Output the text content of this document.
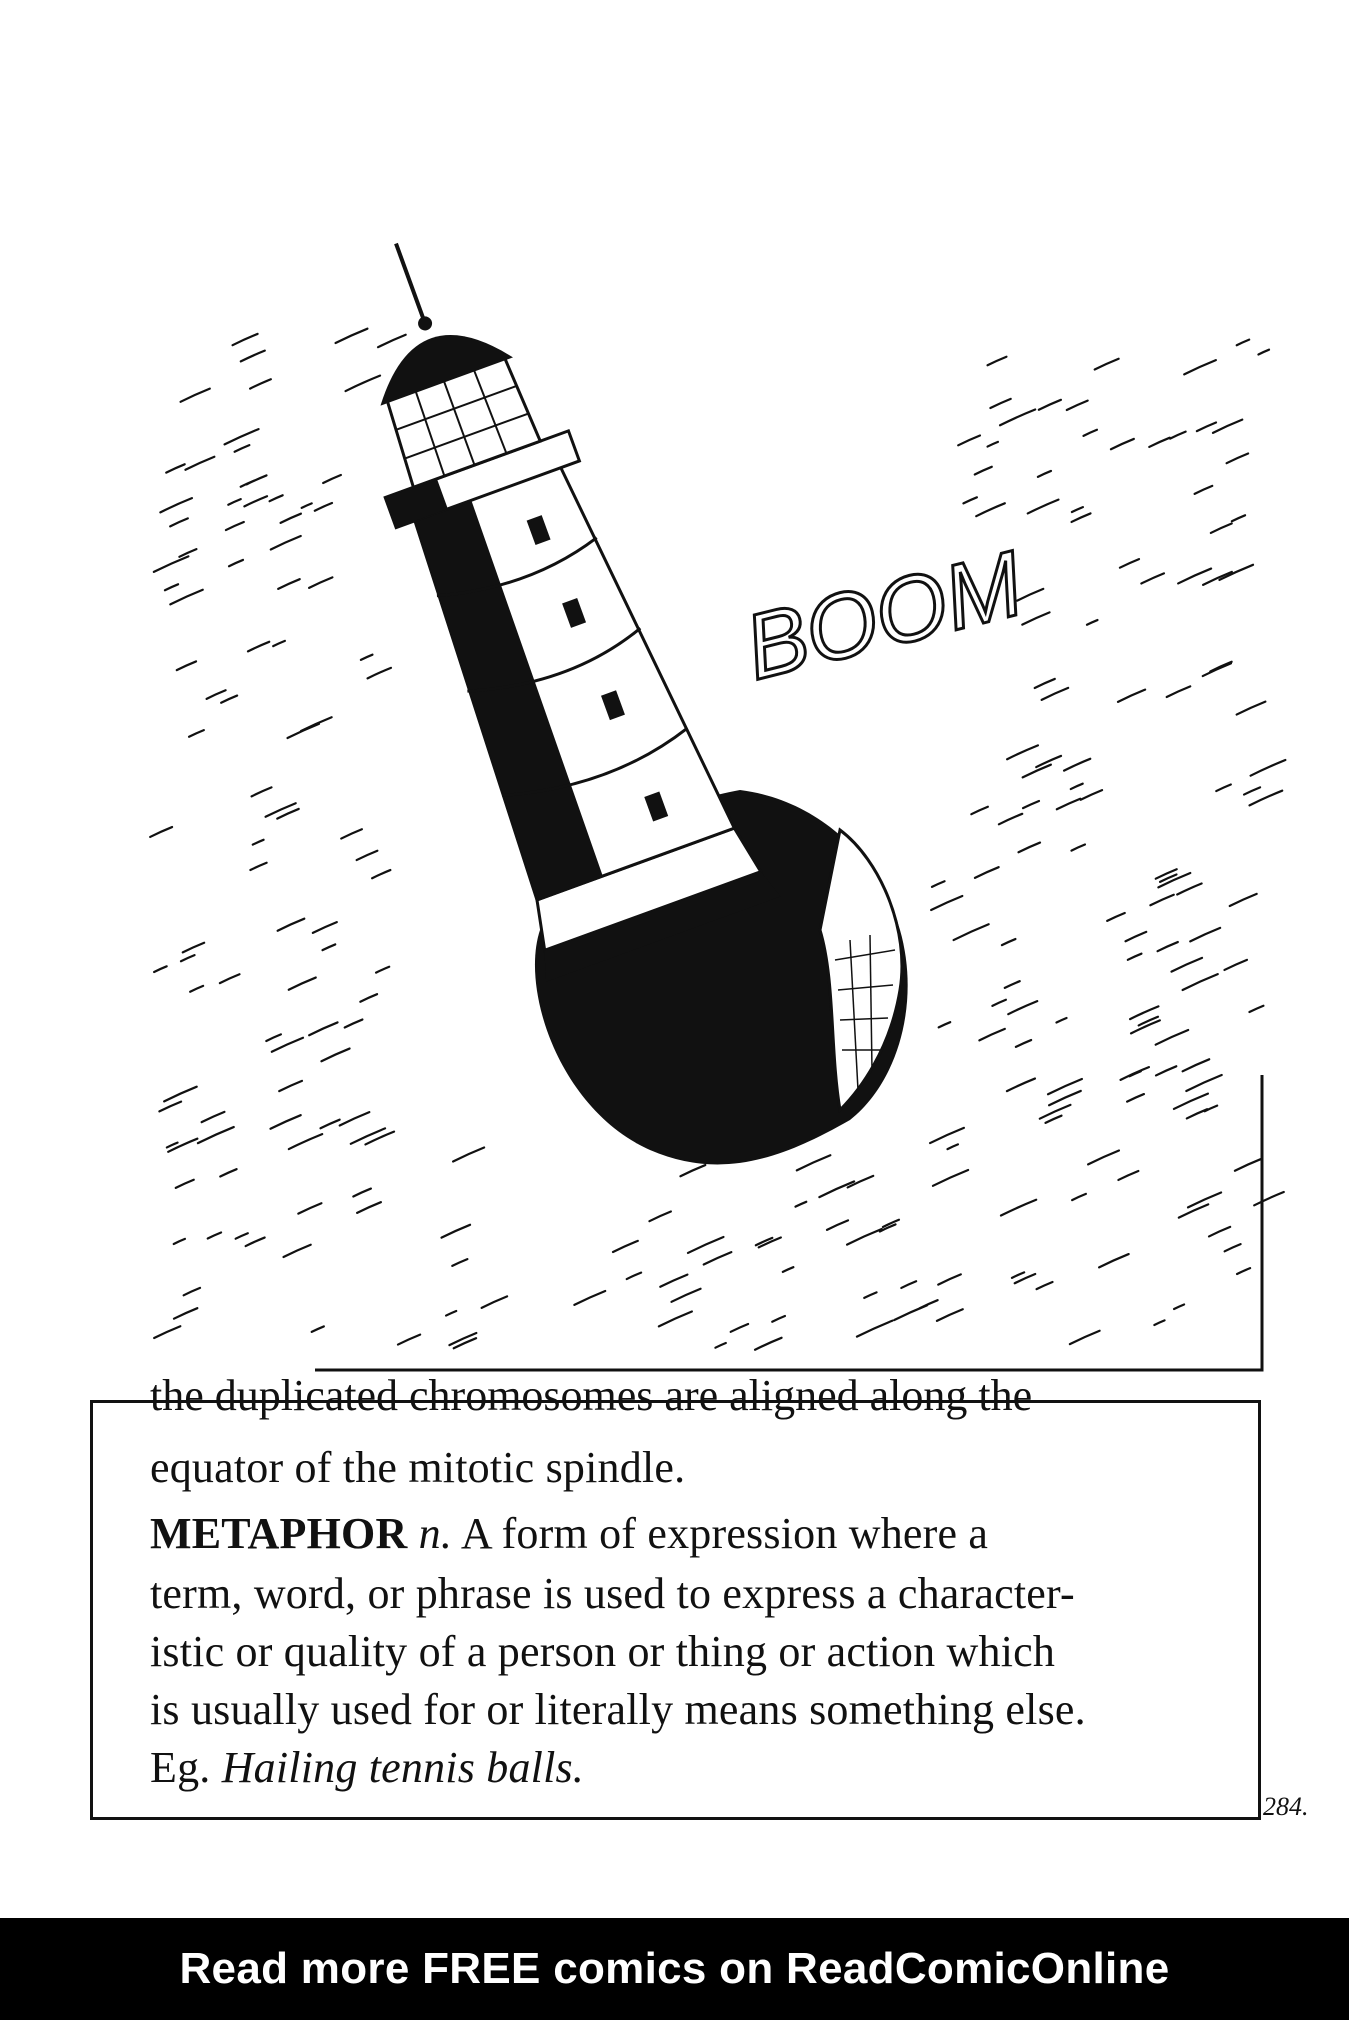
BOOM
the duplicated chromosomes are aligned along the
equator of the mitotic spindle.
METAPHOR n. A form of expression where a
term, word, or phrase is used to express a character-
istic or quality of a person or thing or action which
is usually used for or literally means something else.
Eg. Hailing tennis balls.
284.
Read more FREE comics on ReadComicOnline
